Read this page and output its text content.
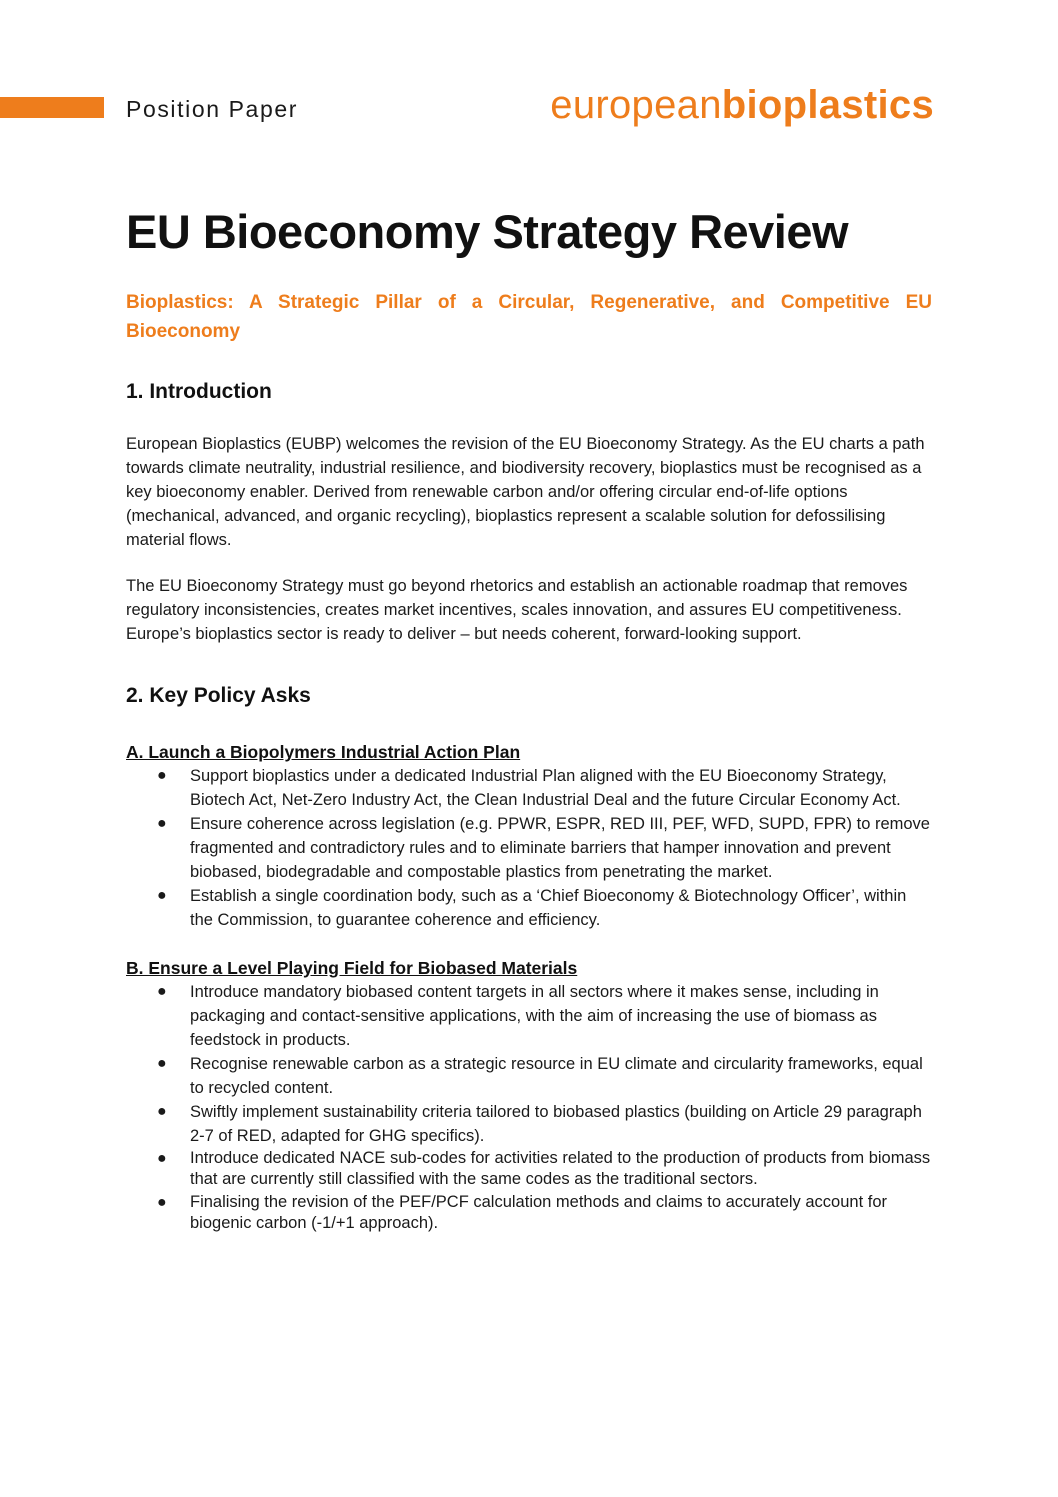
Position Paper	europeanbioplastics
EU Bioeconomy Strategy Review

Bioplastics: A Strategic Pillar of a Circular, Regenerative, and Competitive EU Bioeconomy

1. Introduction

European Bioplastics (EUBP) welcomes the revision of the EU Bioeconomy Strategy. As the EU charts a path towards climate neutrality, industrial resilience, and biodiversity recovery, bioplastics must be recognised as a key bioeconomy enabler. Derived from renewable carbon and/or offering circular end-of-life options (mechanical, advanced, and organic recycling), bioplastics represent a scalable solution for defossilising material flows.

The EU Bioeconomy Strategy must go beyond rhetorics and establish an actionable roadmap that removes regulatory inconsistencies, creates market incentives, scales innovation, and assures EU competitiveness. Europe’s bioplastics sector is ready to deliver – but needs coherent, forward-looking support.

2. Key Policy Asks
A. Launch a Biopolymers Industrial Action Plan
● Support bioplastics under a dedicated Industrial Plan aligned with the EU Bioeconomy Strategy, Biotech Act, Net-Zero Industry Act, the Clean Industrial Deal and the future Circular Economy Act.
● Ensure coherence across legislation (e.g. PPWR, ESPR, RED III, PEF, WFD, SUPD, FPR) to remove fragmented and contradictory rules and to eliminate barriers that hamper innovation and prevent biobased, biodegradable and compostable plastics from penetrating the market.
● Establish a single coordination body, such as a ‘Chief Bioeconomy & Biotechnology Officer’, within the Commission, to guarantee coherence and efficiency.
B. Ensure a Level Playing Field for Biobased Materials
● Introduce mandatory biobased content targets in all sectors where it makes sense, including in packaging and contact-sensitive applications, with the aim of increasing the use of biomass as feedstock in products.
● Recognise renewable carbon as a strategic resource in EU climate and circularity frameworks, equal to recycled content.
● Swiftly implement sustainability criteria tailored to biobased plastics (building on Article 29 paragraph 2-7 of RED, adapted for GHG specifics).
● Introduce dedicated NACE sub-codes for activities related to the production of products from biomass that are currently still classified with the same codes as the traditional sectors.
● Finalising the revision of the PEF/PCF calculation methods and claims to accurately account for biogenic carbon (-1/+1 approach).
